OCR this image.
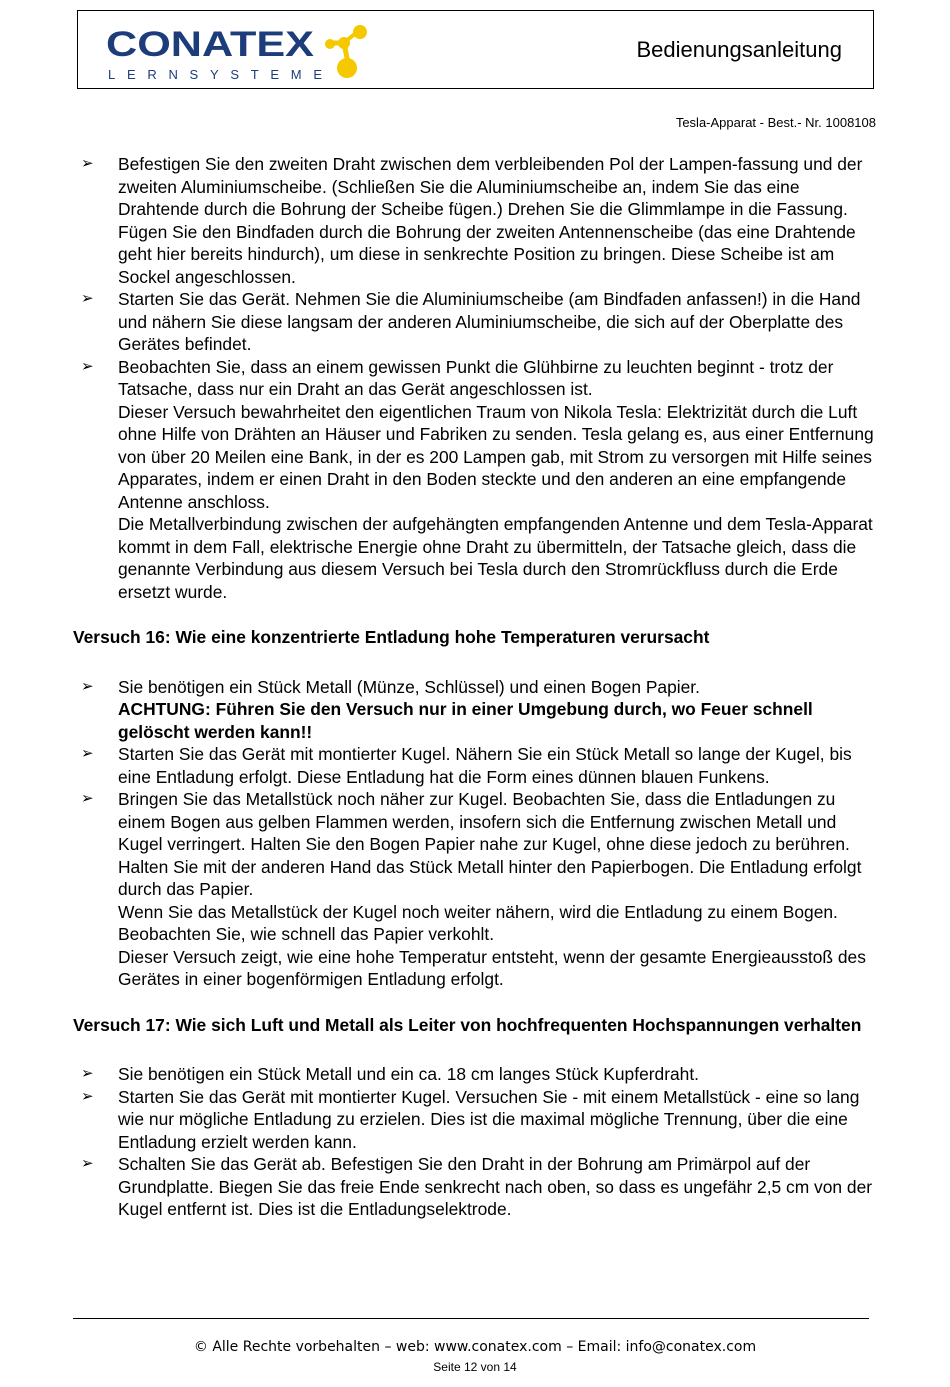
CONATEX
LERNSYSTEME
Bedienungsanleitung
Tesla-Apparat - Best.- Nr. 1008108
➢ Befestigen Sie den zweiten Draht zwischen dem verbleibenden Pol der Lampen-fassung und der zweiten Aluminiumscheibe. (Schließen Sie die Aluminiumscheibe an, indem Sie das eine Drahtende durch die Bohrung der Scheibe fügen.) Drehen Sie die Glimmlampe in die Fassung. Fügen Sie den Bindfaden durch die Bohrung der zweiten Antennenscheibe (das eine Drahtende geht hier bereits hindurch), um diese in senkrechte Position zu bringen. Diese Scheibe ist am Sockel angeschlossen.
➢ Starten Sie das Gerät. Nehmen Sie die Aluminiumscheibe (am Bindfaden anfassen!) in die Hand und nähern Sie diese langsam der anderen Aluminiumscheibe, die sich auf der Oberplatte des Gerätes befindet.
➢ Beobachten Sie, dass an einem gewissen Punkt die Glühbirne zu leuchten beginnt - trotz der Tatsache, dass nur ein Draht an das Gerät angeschlossen ist.

Dieser Versuch bewahrheitet den eigentlichen Traum von Nikola Tesla: Elektrizität durch die Luft ohne Hilfe von Drähten an Häuser und Fabriken zu senden. Tesla gelang es, aus einer Entfernung von über 20 Meilen eine Bank, in der es 200 Lampen gab, mit Strom zu versorgen mit Hilfe seines Apparates, indem er einen Draht in den Boden steckte und den anderen an eine empfangende Antenne anschloss.

Die Metallverbindung zwischen der aufgehängten empfangenden Antenne und dem Tesla-Apparat kommt in dem Fall, elektrische Energie ohne Draht zu übermitteln, der Tatsache gleich, dass die genannte Verbindung aus diesem Versuch bei Tesla durch den Stromrückfluss durch die Erde ersetzt wurde.

Versuch 16: Wie eine konzentrierte Entladung hohe Temperaturen verursacht
➢ Sie benötigen ein Stück Metall (Münze, Schlüssel) und einen Bogen Papier.
ACHTUNG: Führen Sie den Versuch nur in einer Umgebung durch, wo Feuer schnell gelöscht werden kann!!
➢ Starten Sie das Gerät mit montierter Kugel. Nähern Sie ein Stück Metall so lange der Kugel, bis eine Entladung erfolgt. Diese Entladung hat die Form eines dünnen blauen Funkens.
➢ Bringen Sie das Metallstück noch näher zur Kugel. Beobachten Sie, dass die Entladungen zu einem Bogen aus gelben Flammen werden, insofern sich die Entfernung zwischen Metall und Kugel verringert. Halten Sie den Bogen Papier nahe zur Kugel, ohne diese jedoch zu berühren. Halten Sie mit der anderen Hand das Stück Metall hinter den Papierbogen. Die Entladung erfolgt durch das Papier.

Wenn Sie das Metallstück der Kugel noch weiter nähern, wird die Entladung zu einem Bogen. Beobachten Sie, wie schnell das Papier verkohlt.

Dieser Versuch zeigt, wie eine hohe Temperatur entsteht, wenn der gesamte Energieausstoß des Gerätes in einer bogenförmigen Entladung erfolgt.

Versuch 17: Wie sich Luft und Metall als Leiter von hochfrequenten Hochspannungen verhalten
➢ Sie benötigen ein Stück Metall und ein ca. 18 cm langes Stück Kupferdraht.
➢ Starten Sie das Gerät mit montierter Kugel. Versuchen Sie - mit einem Metallstück - eine so lang wie nur mögliche Entladung zu erzielen. Dies ist die maximal mögliche Trennung, über die eine Entladung erzielt werden kann.
➢ Schalten Sie das Gerät ab. Befestigen Sie den Draht in der Bohrung am Primärpol auf der Grundplatte. Biegen Sie das freie Ende senkrecht nach oben, so dass es ungefähr 2,5 cm von der Kugel entfernt ist. Dies ist die Entladungselektrode.
© Alle Rechte vorbehalten – web: www.conatex.com – Email: info@conatex.com
Seite 12 von 14
